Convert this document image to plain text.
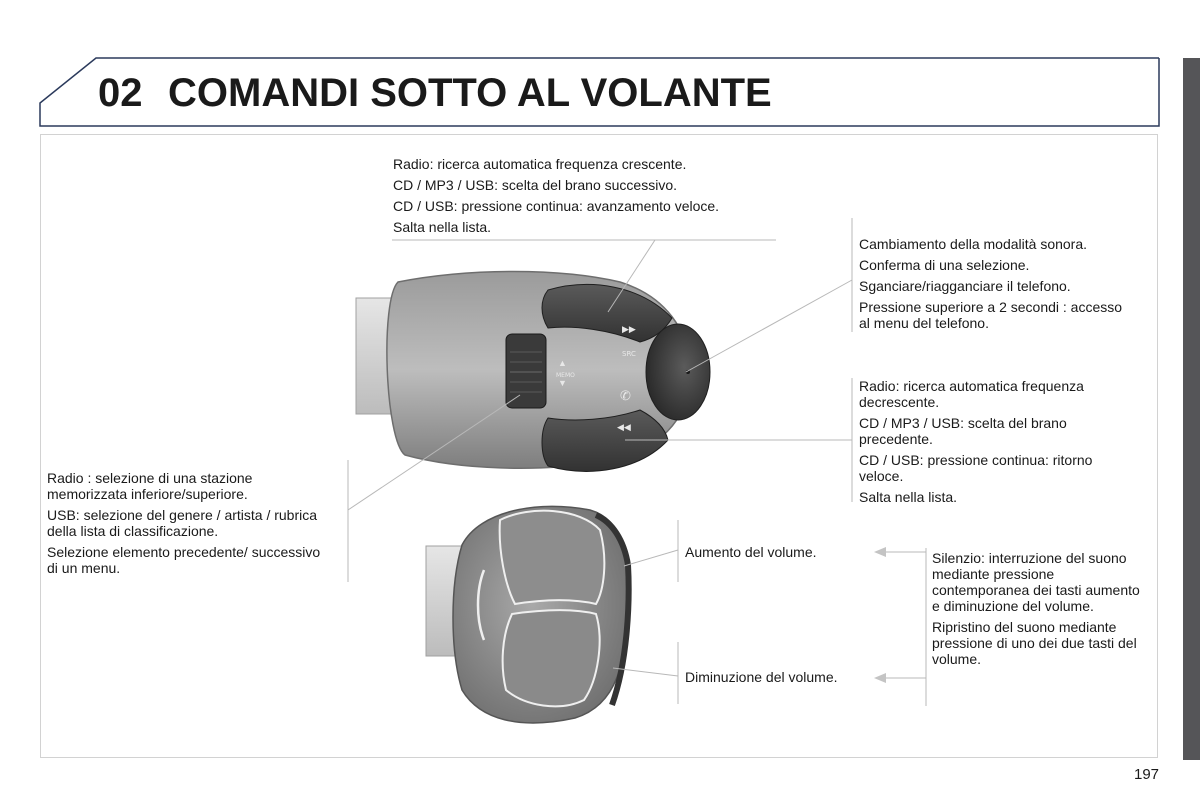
02 COMANDI SOTTO AL VOLANTE
▶▶
◀◀
SRC
✆
▲
▼
MEMO

Radio: ricerca automatica frequenza crescente.

CD / MP3 / USB: scelta del brano successivo.

CD / USB: pressione continua: avanzamento veloce.

Salta nella lista.

Cambiamento della modalità sonora.

Conferma di una selezione.

Sganciare/riagganciare il telefono.

Pressione superiore a 2 secondi : accesso al menu del telefono.

Radio: ricerca automatica frequenza decrescente.

CD / MP3 / USB: scelta del brano precedente.

CD / USB: pressione continua: ritorno veloce.

Salta nella lista.

Radio : selezione di una stazione memorizzata inferiore/superiore.

USB: selezione del genere / artista / rubrica della lista di classificazione.

Selezione elemento precedente/ successivo di un menu.

Aumento del volume.
Diminuzione del volume.

Silenzio: interruzione del suono mediante pressione contemporanea dei tasti aumento e diminuzione del volume.

Ripristino del suono mediante pressione di uno dei due tasti del volume.

197
